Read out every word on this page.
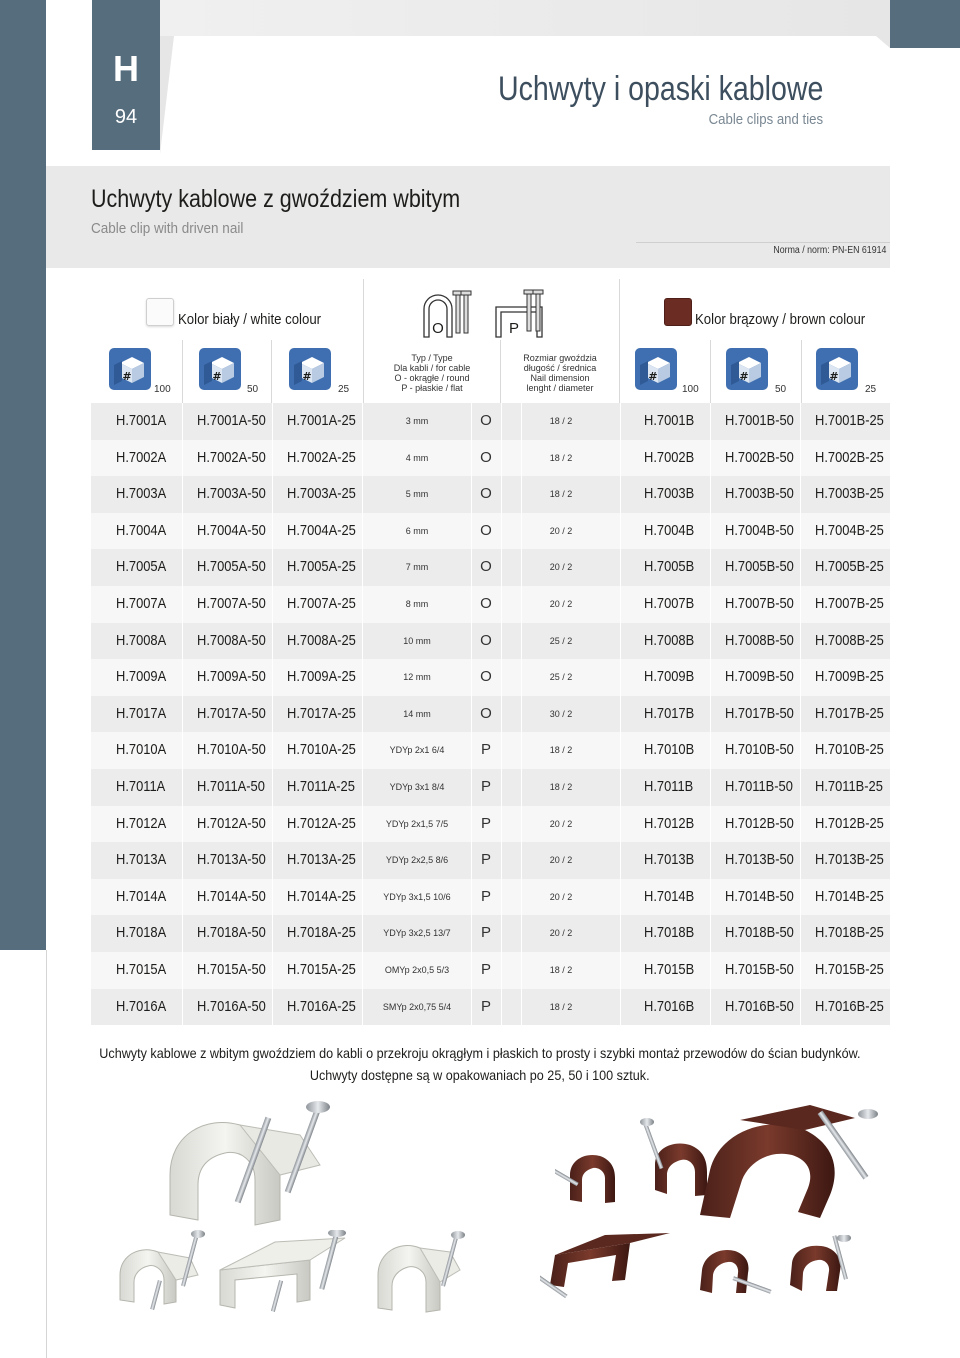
H
94
Uchwyty i opaski kablowe
Cable clips and ties
Uchwyty kablowe z gwoździem wbitym
Cable clip with driven nail
Norma / norm: PN-EN 61914
Kolor biały / white colour	Kolor brązowy / brown colour
O	P
Typ / Type
Dla kabli / for cable
O - okrągłe / round
P - płaskie / flat
Rozmiar gwoździa
długość / średnica
Nail dimension
lenght / diameter
#
100
#
50
#
25
#
100
#
50
#
25
H.7001A H.7001A-50 H.7001A-25	3 mm	O	18 / 2	H.7001B H.7001B-50 H.7001B-25
H.7002A H.7002A-50 H.7002A-25	4 mm	O	18 / 2	H.7002B H.7002B-50 H.7002B-25
H.7003A H.7003A-50 H.7003A-25	5 mm	O	18 / 2	H.7003B H.7003B-50 H.7003B-25
H.7004A H.7004A-50 H.7004A-25	6 mm	O	20 / 2	H.7004B H.7004B-50 H.7004B-25
H.7005A H.7005A-50 H.7005A-25	7 mm	O	20 / 2	H.7005B H.7005B-50 H.7005B-25
H.7007A H.7007A-50 H.7007A-25	8 mm	O	20 / 2	H.7007B H.7007B-50 H.7007B-25
H.7008A H.7008A-50 H.7008A-25	10 mm	O	25 / 2	H.7008B H.7008B-50 H.7008B-25
H.7009A H.7009A-50 H.7009A-25	12 mm	O	25 / 2	H.7009B H.7009B-50 H.7009B-25
H.7017A H.7017A-50 H.7017A-25	14 mm	O	30 / 2	H.7017B H.7017B-50 H.7017B-25
H.7010A H.7010A-50 H.7010A-25	YDYp 2x1 6/4	P	18 / 2	H.7010B H.7010B-50 H.7010B-25
H.7011A H.7011A-50 H.7011A-25	YDYp 3x1 8/4	P	18 / 2	H.7011B H.7011B-50 H.7011B-25
H.7012A H.7012A-50 H.7012A-25	YDYp 2x1,5 7/5	P	20 / 2	H.7012B H.7012B-50 H.7012B-25
H.7013A H.7013A-50 H.7013A-25	YDYp 2x2,5 8/6	P	20 / 2	H.7013B H.7013B-50 H.7013B-25
H.7014A H.7014A-50 H.7014A-25	YDYp 3x1,5 10/6	P	20 / 2	H.7014B H.7014B-50 H.7014B-25
H.7018A H.7018A-50 H.7018A-25	YDYp 3x2,5 13/7	P	20 / 2	H.7018B H.7018B-50 H.7018B-25
H.7015A H.7015A-50 H.7015A-25	OMYp 2x0,5 5/3	P	18 / 2	H.7015B H.7015B-50 H.7015B-25
H.7016A H.7016A-50 H.7016A-25	SMYp 2x0,75 5/4	P	18 / 2	H.7016B H.7016B-50 H.7016B-25
Uchwyty kablowe z wbitym gwoździem do kabli o przekroju okrągłym i płaskich to prosty i szybki montaż przewodów do ścian budynków.
Uchwyty dostępne są w opakowaniach po 25, 50 i 100 sztuk.
